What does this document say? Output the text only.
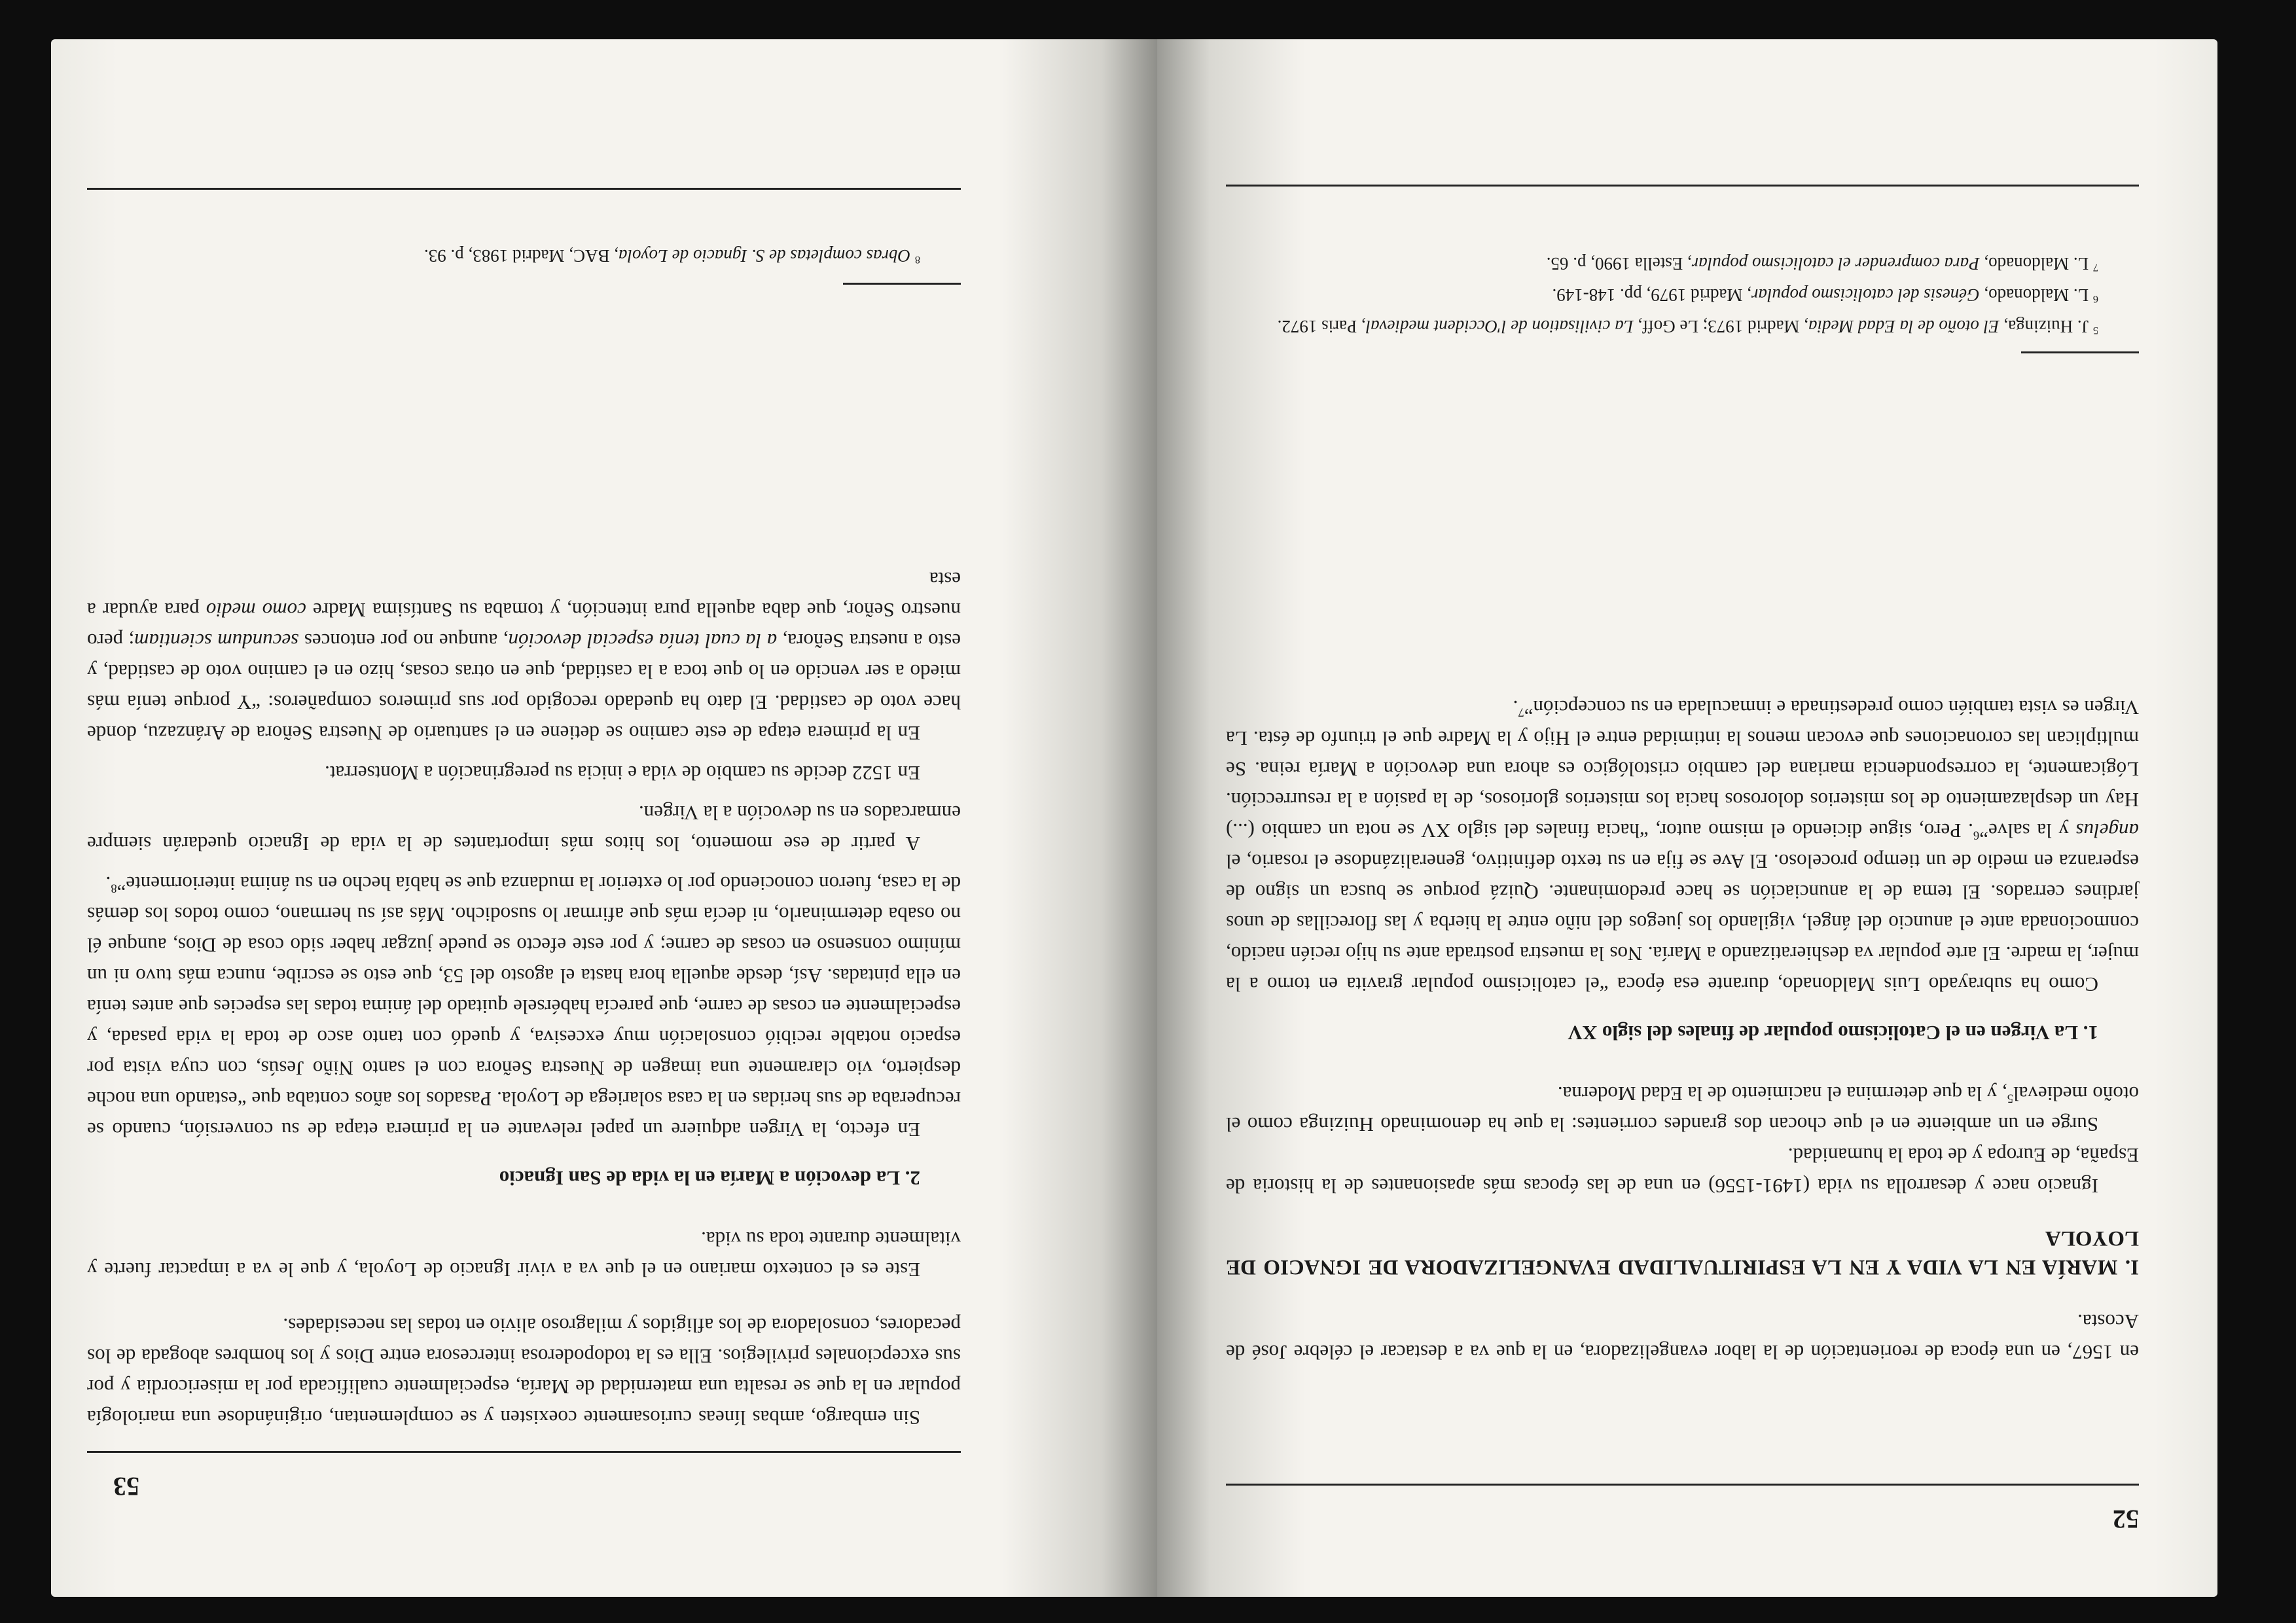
52

en 1567, en una época de reorientación de la labor evangelizadora, en la que va a destacar el célebre José de Acosta.

I. MARÍA EN LA VIDA Y EN LA ESPIRITUALIDAD EVANGELIZADORA DE IGNACIO DE LOYOLA

Ignacio nace y desarrolla su vida (1491-1556) en una de las épocas más apasionantes de la historia de España, de Europa y de toda la humanidad.

Surge en un ambiente en el que chocan dos grandes corrientes: la que ha denominado Huizinga como el otoño medieval$^5$, y la que determina el nacimiento de la Edad Moderna.

1. La Virgen en el Catolicismo popular de finales del siglo XV

Como ha subrayado Luis Maldonado, durante esa época “el catolicismo popular gravita en torno a la mujer, la madre. El arte popular va deshieratizando a María. Nos la muestra postrada ante su hijo recién nacido, conmocionada ante el anuncio del ángel, vigilando los juegos del niño entre la hierba y las florecillas de unos jardines cerrados. El tema de la anunciación se hace predominante. Quizá porque se busca un signo de esperanza en medio de un tiempo proceloso. El Ave se fija en su texto definitivo, generalizándose el rosario, el angelus y la salve”$^6$. Pero, sigue diciendo el mismo autor, “hacia finales del siglo XV se nota un cambio (...) Hay un desplazamiento de los misterios dolorosos hacia los misterios gloriosos, de la pasión a la resurrección. Lógicamente, la correspondencia mariana del cambio cristológico es ahora una devoción a María reina. Se multiplican las coronaciones que evocan menos la intimidad entre el Hijo y la Madre que el triunfo de ésta. La Virgen es vista también como predestinada e inmaculada en su concepción”$^7$.

$^5$ J. Huizinga, El otoño de la Edad Media, Madrid 1973; Le Goff, La civilisation de l'Occident medieval, Paris 1972.

$^6$ L. Maldonado, Génesis del catolicismo popular, Madrid 1979, pp. 148-149.

$^7$ L. Maldonado, Para comprender el catolicismo popular, Estella 1990, p. 65.

53

Sin embargo, ambas líneas curiosamente coexisten y se complementan, originándose una mariología popular en la que se resalta una maternidad de María, especialmente cualificada por la misericordia y por sus excepcionales privilegios. Ella es la todopoderosa intercesora entre Dios y los hombres abogada de los pecadores, consoladora de los afligidos y milagroso alivio en todas las necesidades.

Este es el contexto mariano en el que va a vivir Ignacio de Loyola, y que le va a impactar fuerte y vitalmente durante toda su vida.

2. La devoción a María en la vida de San Ignacio

En efecto, la Virgen adquiere un papel relevante en la primera etapa de su conversión, cuando se recuperaba de sus heridas en la casa solariega de Loyola. Pasados los años contaba que “estando una noche despierto, vio claramente una imagen de Nuestra Señora con el santo Niño Jesús, con cuya vista por espacio notable recibió consolación muy excesiva, y quedó con tanto asco de toda la vida pasada, y especialmente en cosas de carne, que parecía habérsele quitado del ánima todas las especies que antes tenía en ella pintadas. Así, desde aquella hora hasta el agosto del 53, que esto se escribe, nunca más tuvo ni un mínimo consenso en cosas de carne; y por este efecto se puede juzgar haber sido cosa de Dios, aunque él no osaba determinarlo, ni decía más que afirmar lo susodicho. Más así su hermano, como todos los demás de la casa, fueron conociendo por lo exterior la mudanza que se había hecho en su ánima interiormente”$^8$.

A partir de ese momento, los hitos más importantes de la vida de Ignacio quedarán siempre enmarcados en su devoción a la Virgen.

En 1522 decide su cambio de vida e inicia su peregrinación a Montserrat.

En la primera etapa de este camino se detiene en el santuario de Nuestra Señora de Aránzazu, donde hace voto de castidad. El dato ha quedado recogido por sus primeros compañeros: “Y porque tenía más miedo a ser vencido en lo que toca a la castidad, que en otras cosas, hizo en el camino voto de castidad, y esto a nuestra Señora, a la cual tenía especial devoción, aunque no por entonces secundum scientiam; pero nuestro Señor, que daba aquella pura intención, y tomaba su Santísima Madre como medio para ayudar a esta

$^8$ Obras completas de S. Ignacio de Loyola, BAC, Madrid 1983, p. 93.
